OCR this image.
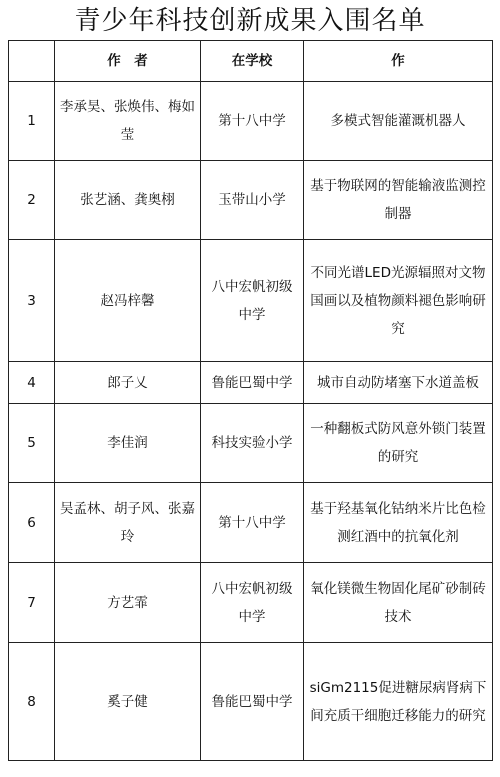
青少年科技创新成果入围名单
	作　者	在学校	作
1	李承昊、张焕伟、梅如莹	第十八中学	多模式智能灌溉机器人
2	张艺涵、龚奥栩	玉带山小学	基于物联网的智能输液监测控制器
3	赵冯梓馨	八中宏帆初级中学	不同光谱LED光源辐照对文物国画以及植物颜料褪色影响研究
4	郎子乂	鲁能巴蜀中学	城市自动防堵塞下水道盖板
5	李佳润	科技实验小学	一种翻板式防风意外锁门装置的研究
6	吴孟林、胡子风、张嘉玲	第十八中学	基于羟基氧化钴纳米片比色检测红酒中的抗氧化剂
7	方艺霏	八中宏帆初级中学	氧化镁微生物固化尾矿砂制砖技术
8	奚子健	鲁能巴蜀中学	siGm2115促进糖尿病肾病下间充质干细胞迁移能力的研究
